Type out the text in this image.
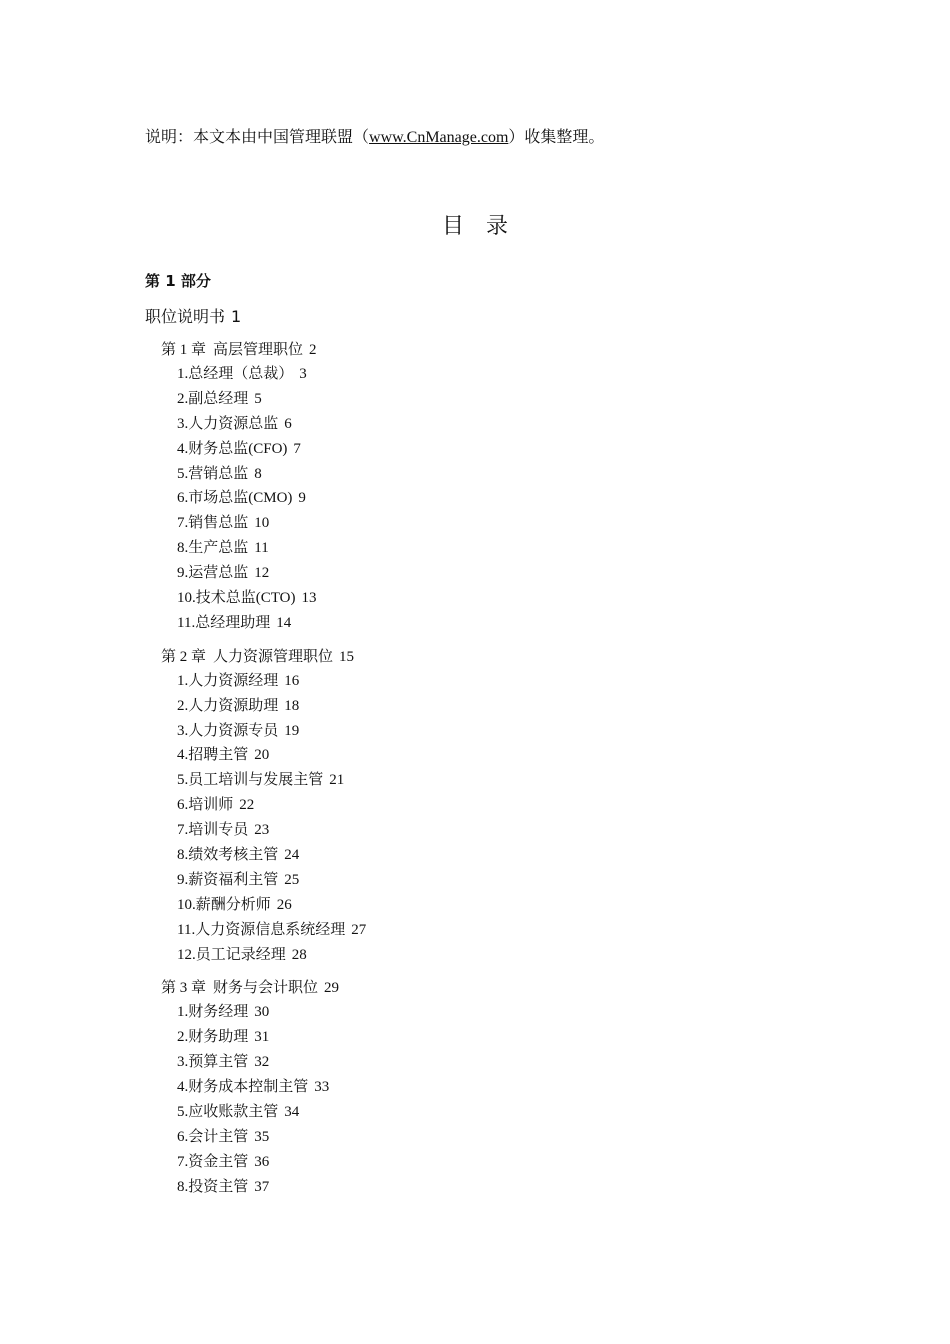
说明：本文本由中国管理联盟（www.CnManage.com）收集整理。
目录
第 1 部分
职位说明书 1
第 1 章 高层管理职位 2
1.总经理（总裁） 3
2.副总经理 5
3.人力资源总监 6
4.财务总监(CFO) 7
5.营销总监 8
6.市场总监(CMO) 9
7.销售总监 10
8.生产总监 11
9.运营总监 12
10.技术总监(CTO) 13
11.总经理助理 14
第 2 章 人力资源管理职位 15
1.人力资源经理 16
2.人力资源助理 18
3.人力资源专员 19
4.招聘主管 20
5.员工培训与发展主管 21
6.培训师 22
7.培训专员 23
8.绩效考核主管 24
9.薪资福利主管 25
10.薪酬分析师 26
11.人力资源信息系统经理 27
12.员工记录经理 28
第 3 章 财务与会计职位 29
1.财务经理 30
2.财务助理 31
3.预算主管 32
4.财务成本控制主管 33
5.应收账款主管 34
6.会计主管 35
7.资金主管 36
8.投资主管 37
